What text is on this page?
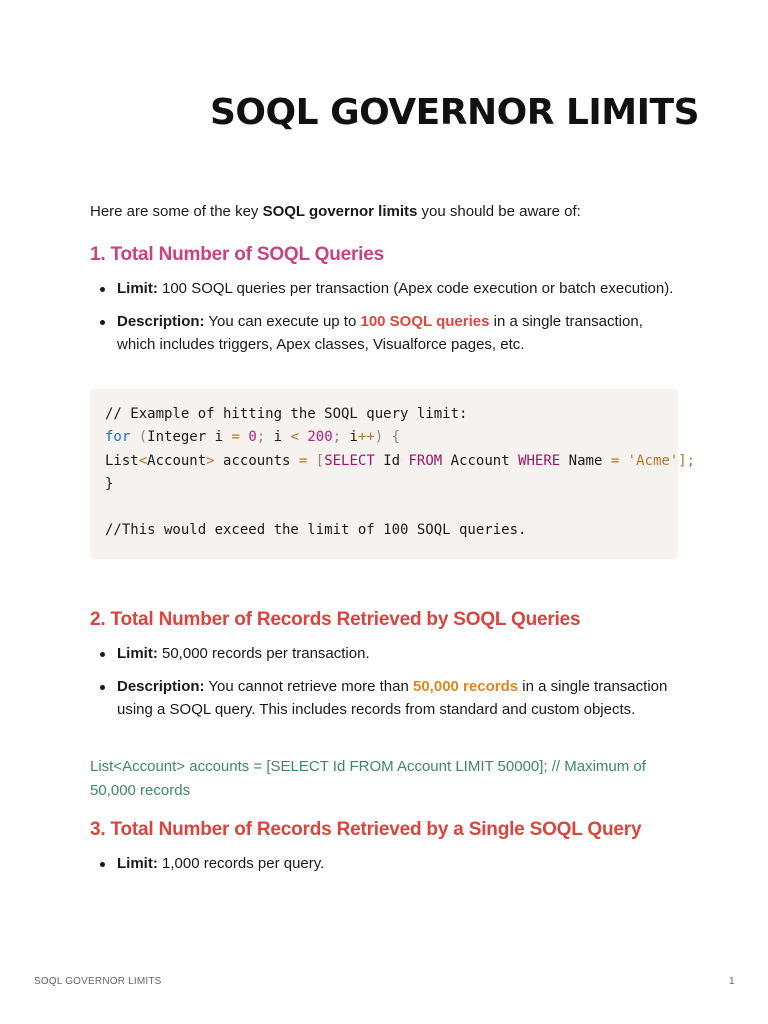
SOQL GOVERNOR LIMITS

Here are some of the key SOQL governor limits you should be aware of:

1. Total Number of SOQL Queries
Limit: 100 SOQL queries per transaction (Apex code execution or batch execution).
Description: You can execute up to 100 SOQL queries in a single transaction, which includes triggers, Apex classes, Visualforce pages, etc.
// Example of hitting the SOQL query limit:
for (Integer i = 0; i < 200; i++) {
List<Account> accounts = [SELECT Id FROM Account WHERE Name = 'Acme'];
}
//This would exceed the limit of 100 SOQL queries.
2. Total Number of Records Retrieved by SOQL Queries
Limit: 50,000 records per transaction.
Description: You cannot retrieve more than 50,000 records in a single transaction using a SOQL query. This includes records from standard and custom objects.

List<Account> accounts = [SELECT Id FROM Account LIMIT 50000]; // Maximum of 50,000 records

3. Total Number of Records Retrieved by a Single SOQL Query
Limit: 1,000 records per query.
SOQL GOVERNOR LIMITS	1
